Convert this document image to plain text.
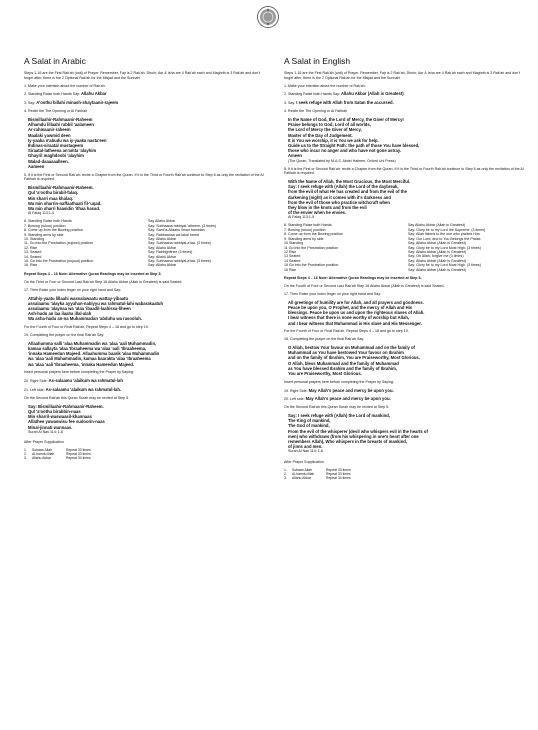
A Salat in Arabic

Steps 1-16 are the First Rak'ah (unit) of Prayer. Remember, Fajr is 2 Rak'ah, Dhuhr, Asr & Isha are 4 Rak'ah each and Maghrib is 3 Rak'ah and don't forget after, there is the 2 Optional Rak'ah for the Misjad and the Sunnah!

1. Make your intention about the number of Rak'ah.

2. Standing Raise both Hands Say: Allahu Akbar

3. Say: A'oothu billahi minash-shaytaanir-rajeem

4. Recite the The Opening or Al Fatihah

Bismillaahir-Rahmaanir-Raheem
Alhamdu lillaahi rabbil 'aalameen
Ar-rahmaanir-raheem
Maalaki yawmid deen
Iy-yaaka n'abudu wa iy-yaaka nasta'een
Ihdinas-siraatal mustaqeem
Siraatal-latheena an'amta 'alayhim
Ghayril maghdoobi 'alayhim
Walad-daaaaaalleen.
Aameen

5. If it is the First or Second Rak'ah: recite a Chapter from the Quran. If it is the Third or Fourth Rak'ah continue to Step 6 as only the recitation of the Al Fatihah is required.

Bismillaahir-Rahmaanir-Raheem.
Qul 'a'oothu birabil-falaq.
Min sharri maa khalaq.
Wa min sharrin-naffaathaati fil-'uqad.
Wa min sharri haasidin 'ithaa hasad.
Al Falaq 113:1-5
6. Standing Raise both Hands	Say Allahu Akbar
7. Bowing (rukoo) position	Say: Subhaana rabbiyal-'atheem. (3 times)
8. Come up from the Bowing position	Say: Sami'a-Allaahu liman hamidah
9. Standing arms by side	Say: Rabbaanaa wa lakal hamd
10. Standing	Say: Allahu Akbar
11. Go into the Prostration (sujood) position	Say: Subhaana rabbiyal-a'laa. (3 times)
12. Rise	Say: Allahu Akbar
13. Seated	Say: Rabbighfirlee (3 times)
14. Seated	Say: Allahu Akbar
15. Go into the Prostration (sujood) position	Say: Subhaana rabbiyal-a'laa. (3 times)
16. Rise	Say: Allahu Akbar

Repeat Steps 4 – 16 Note: Alternative Quran Readings may be inserted at Step 5.

On the Third or Four or Second Last Rak'ah Step 16 Allahu Akbar (Allah is Greatest) is said Seated.

17. Then Raise your index finger on your right hand and Say:

Attahiy-yaatu lillaahi wassalawaatu wattay-yibaatu
assalaamu 'alayka ayyuhan-nabiyyu wa rahmatul-lahi wabarakaatuh
assalaamu 'alaynaa wa 'alaa 'ibaadil-laahissa-liheen
Ash-hadu an laa ilaaha illal-alah
Wa asha-hadu an-na Muhammadan 'abduhu wa rasooluh.

For the Fourth of Four or Final Rak'ah, Repeat Steps 4 – 18 and go to step 19.

19. Completing the prayer on the final Rak'ah Say:

Allaahumma salli 'alaa Muhammadin wa 'alaa 'aali Muhammadin,
kamaa sallayta 'alaa 'Ibraaheema wa 'alaa 'aali 'Ibraaheema,
'innaka Hameedun Majeed. Allaahumma baarik 'alaa Muhammadin
wa 'alaa 'aali Muhammadin, kamaa baarakta 'alaa 'Ibraaheema
wa 'alaa 'aali 'Ibraaheema, 'innaka Hameedun Majeed.

Insert personal prayers here before completing the Prayer by Saying:

20. Right Side: As-salaamu 'alaikum wa rahmatul-lah

21. Left side: As-salaamu 'alaikum wa rahmatul-lah.

On the Second Rak'ah this Quran Surah may be recited at Step 5.

Say: Bismillaahir-Rahmaanir-Raheem.
Qul 'a'oothu birabbin-naas
Min sharril-waswaasil-khannaas
Allathee yuwaswisu fee sudoorin-naas
Minal-jinnati wannaas.
Surah Al Nas 114: 1-6

After Prayer Supplication

1.	Subaan Allah	Repeat 33 times
2.	Al-hamdu lillah	Repeat 33 times
3.	Allahu Akbar	Repeat 34 times
A Salat in English

Steps 1-16 are the First Rak'ah (unit) of Prayer. Remember, Fajr is 2 Rak'ah, Dhuhr, Asr & Isha are 4 Rak'ah each and Maghrib is 3 Rak'ah and don't forget after, there is the 2 Optional Rak'ah for the Misjad and the Sunnah!

1. Make your intention about the number of Rak'ah.

2. Standing Raise both Hands Say: Allahu Akbar (Allah is Greatest)

3. Say: I seek refuge with Allah from Satan the accursed.

4. Recite the The Opening or Al Fatihah

In the Name of God, the Lord of Mercy, the Giver of Mercy!
Praise belongs to God, Lord of all worlds,
the Lord of Mercy the Giver of Mercy,
Master of the Day of Judgement.
It is You we worship, it is You we ask for help.
Guide us to the Straight Path: the path of those You have blessed,
those who incur no anger and who have not gone astray.
Ameen
(The Quran, Translated by M.A.S. Abdel Haleem, Oxford Uni Press)

5. If it is the First or Second Rak'ah: recite a Chapter from the Quran. If it is the Third or Fourth Rak'ah continue to Step 6 as only the recitation of the Al Fatihah is required.

With the Name of Allah, the Most Gracious, the Most Merciful.
Say: I seek refuge with (Allah) the Lord of the daybreak,
from the evil of what He has created and from the evil of the
darkening (night) as it comes with it's darkness and
from the evil of those who practice witchcraft when
they blow in the knots and from the evil
of the envier when he envies.
Al Falaq 113:1-5
6. Standing Raise both Hands	Say Allahu Akbar (Allah is Greatest)
7. Bowing (rukoo) position	Say: Glory be to my Lord the Supreme. (3 times)
8. Come up from the Bowing position	Say: Allah listens to the one who praises Him
9. Standing arms by side	Say: Our Lord, and to You Belongs the Praise.
10 Standing	Say: Allahu Akbar (Allah is Greatest)
11 Go into the Prostration position	Say: Glory be to my Lord Most High. (3 times)
12 Rise	Say: Allahu Akbar (Allah is Greatest)
13 Seated	Say: Oh Allah, forgive me (3 times)
14 Seated	Say: Allahu Akbar (Allah is Greatest)
15 Go into the Prostration position	Say: Glory be to my Lord Most High. (3 times)
16 Rise	Say: Allahu Akbar (Allah is Greatest)

Repeat Steps 4 – 16 Note: Alternative Quran Readings may be inserted at Step 5.

On the Fourth of Four or Second Last Rak'ah Step 16 Allahu Akbar (Allah is Greatest) is said Seated.

17. Then Raise your index finger on your right hand and Say:

All greetings of humility are for Allah, and all prayers and goodness.
Peace be upon you, O Prophet, and the mercy of Allah and His
blessings. Peace be upon us and upon the righteous slaves of Allah.
I bear witness that there is none worthy of worship but Allah,
and I bear witness that Muhammad is His slave and His Messenger.

For the Fourth of Four or Final Rak'ah, Repeat Steps 4 – 18 and go to step 19.

18. Completing the prayer on the final Rak'ah Say:

O Allah, bestow Your favour on Muhammad and on the family of
Muhammad as You have bestowed Your favour on Ibrahim
and on the family of Ibrahim, You are Praiseworthy, Most Glorious.
O Allah, bless Muhammad and the family of Muhammad
as You have blessed Ibrahim and the family of Ibrahim,
You are Praiseworthy, Most Glorious.

Insert personal prayers here before completing the Prayer by Saying:

19. Right Side: May Allah's peace and mercy be upon you.

20. Left side: May Allah's peace and mercy be upon you.

On the Second Rak'ah this Quran Surah may be recited at Step 5.

Say: I seek refuge with (Allah) the Lord of mankind,
The King of mankind,
The God of mankind,
From the evil of the whisperer (devil who whispers evil in the hearts of
men) who withdraws (from his whispering in one's heart after one
remembers Allah), Who whispers in the breasts of mankind,
of jinns and men.
Surah Al Nas 114: 1-6

After Prayer Supplication

1.	Subaan Allah	Repeat 33 times
2.	Al-hamdu lillah	Repeat 33 times
3.	Allahu Akbar	Repeat 34 times
